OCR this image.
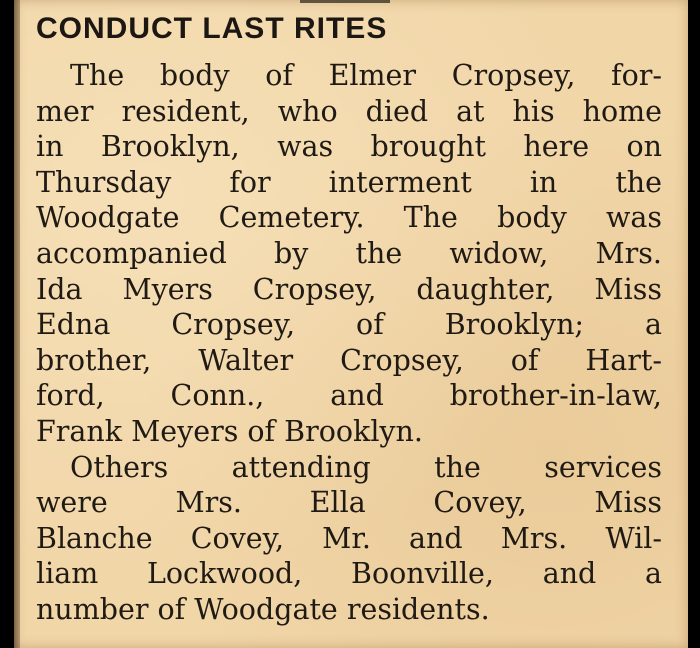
CONDUCT LAST RITES
The body of Elmer Cropsey, for-
mer resident, who died at his home
in Brooklyn, was brought here on
Thursday for interment in the
Woodgate Cemetery. The body was
accompanied by the widow, Mrs.
Ida Myers Cropsey, daughter, Miss
Edna Cropsey, of Brooklyn; a
brother, Walter Cropsey, of Hart-
ford, Conn., and brother-in-law,
Frank Meyers of Brooklyn.
Others attending the services
were Mrs. Ella Covey, Miss
Blanche Covey, Mr. and Mrs. Wil-
liam Lockwood, Boonville, and a
number of Woodgate residents.
